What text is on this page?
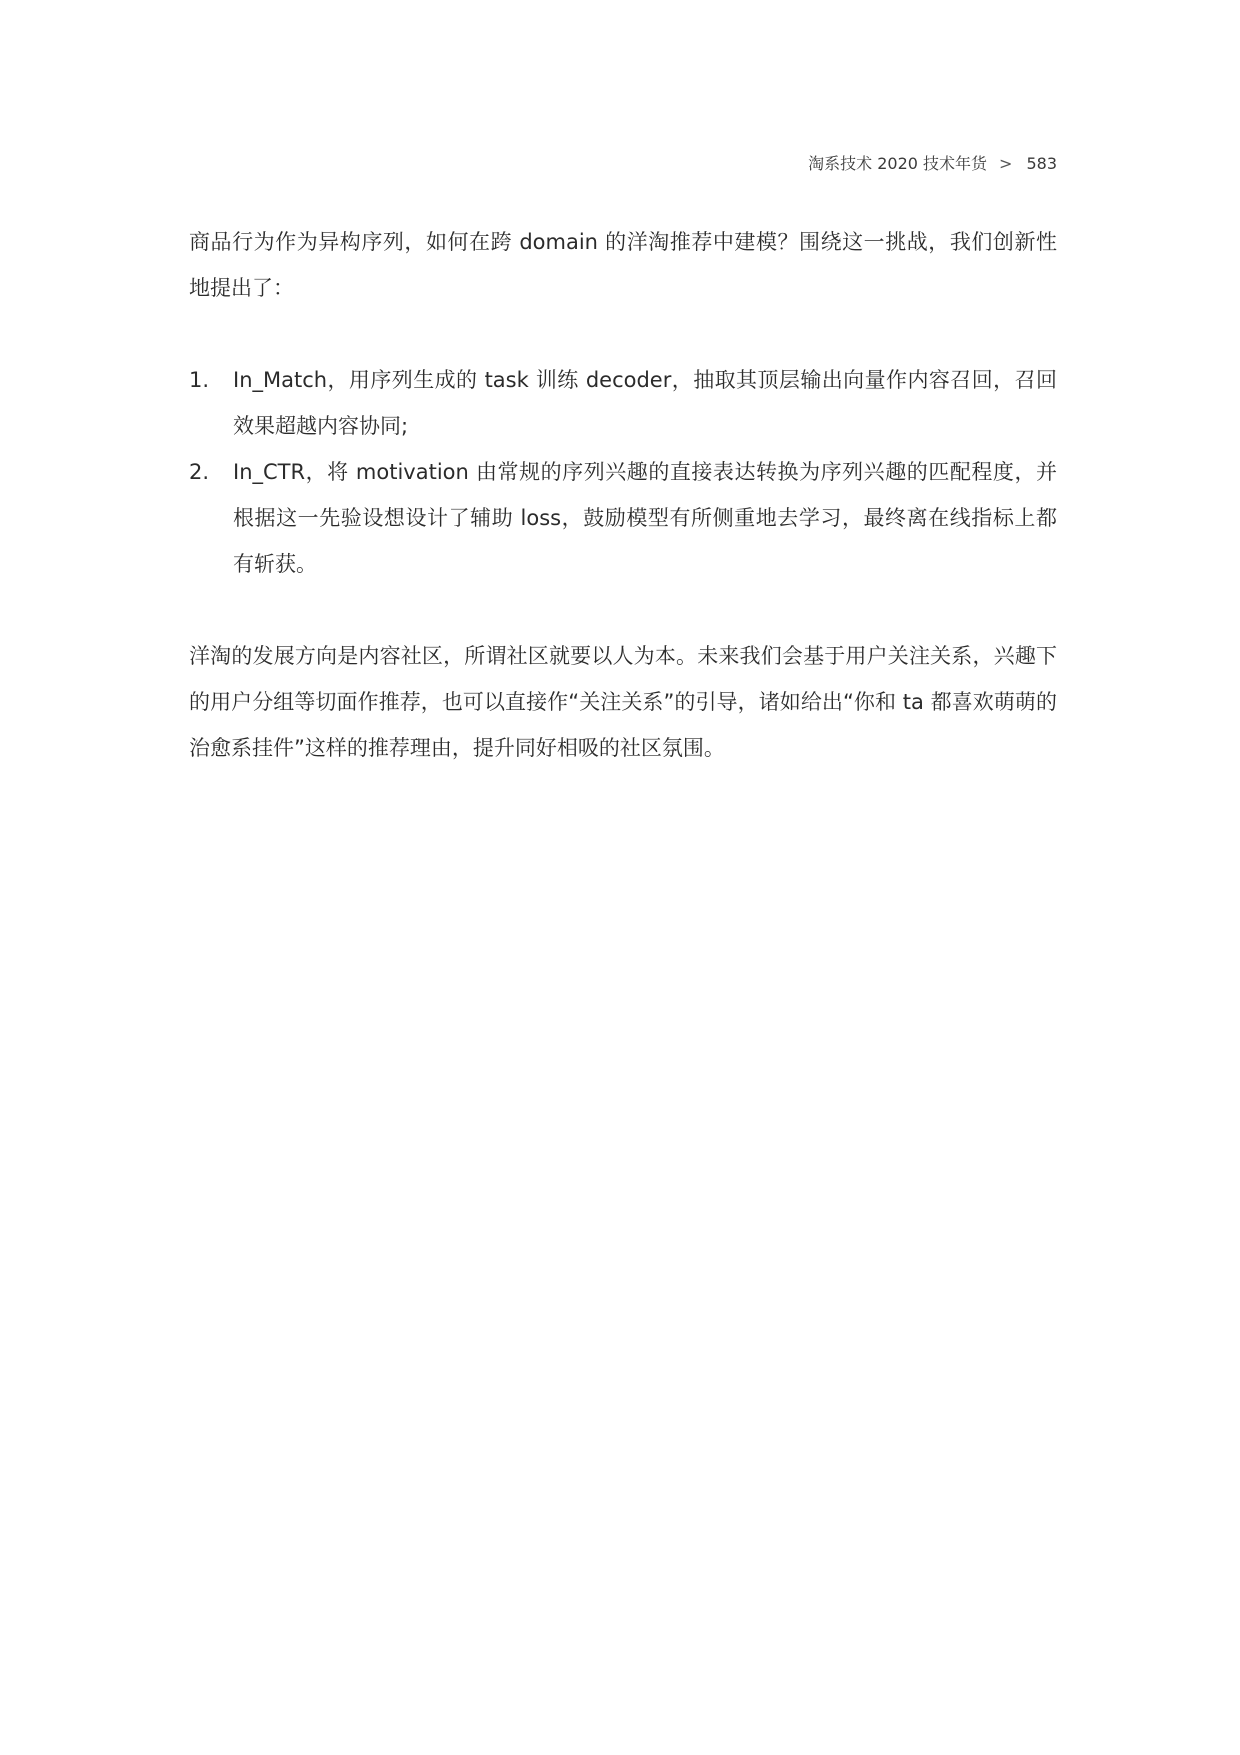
淘系技术 2020 技术年货 > 583

商品行为作为异构序列，如何在跨 domain 的洋淘推荐中建模？围绕这一挑战，我们创新性地提出了：

1. In_Match，用序列生成的 task 训练 decoder，抽取其顶层输出向量作内容召回，召回效果超越内容协同;
2. In_CTR，将 motivation 由常规的序列兴趣的直接表达转换为序列兴趣的匹配程度，并根据这一先验设想设计了辅助 loss，鼓励模型有所侧重地去学习，最终离在线指标上都有斩获。

洋淘的发展方向是内容社区，所谓社区就要以人为本。未来我们会基于用户关注关系，兴趣下的用户分组等切面作推荐，也可以直接作“关注关系”的引导，诸如给出“你和 ta 都喜欢萌萌的治愈系挂件”这样的推荐理由，提升同好相吸的社区氛围。
